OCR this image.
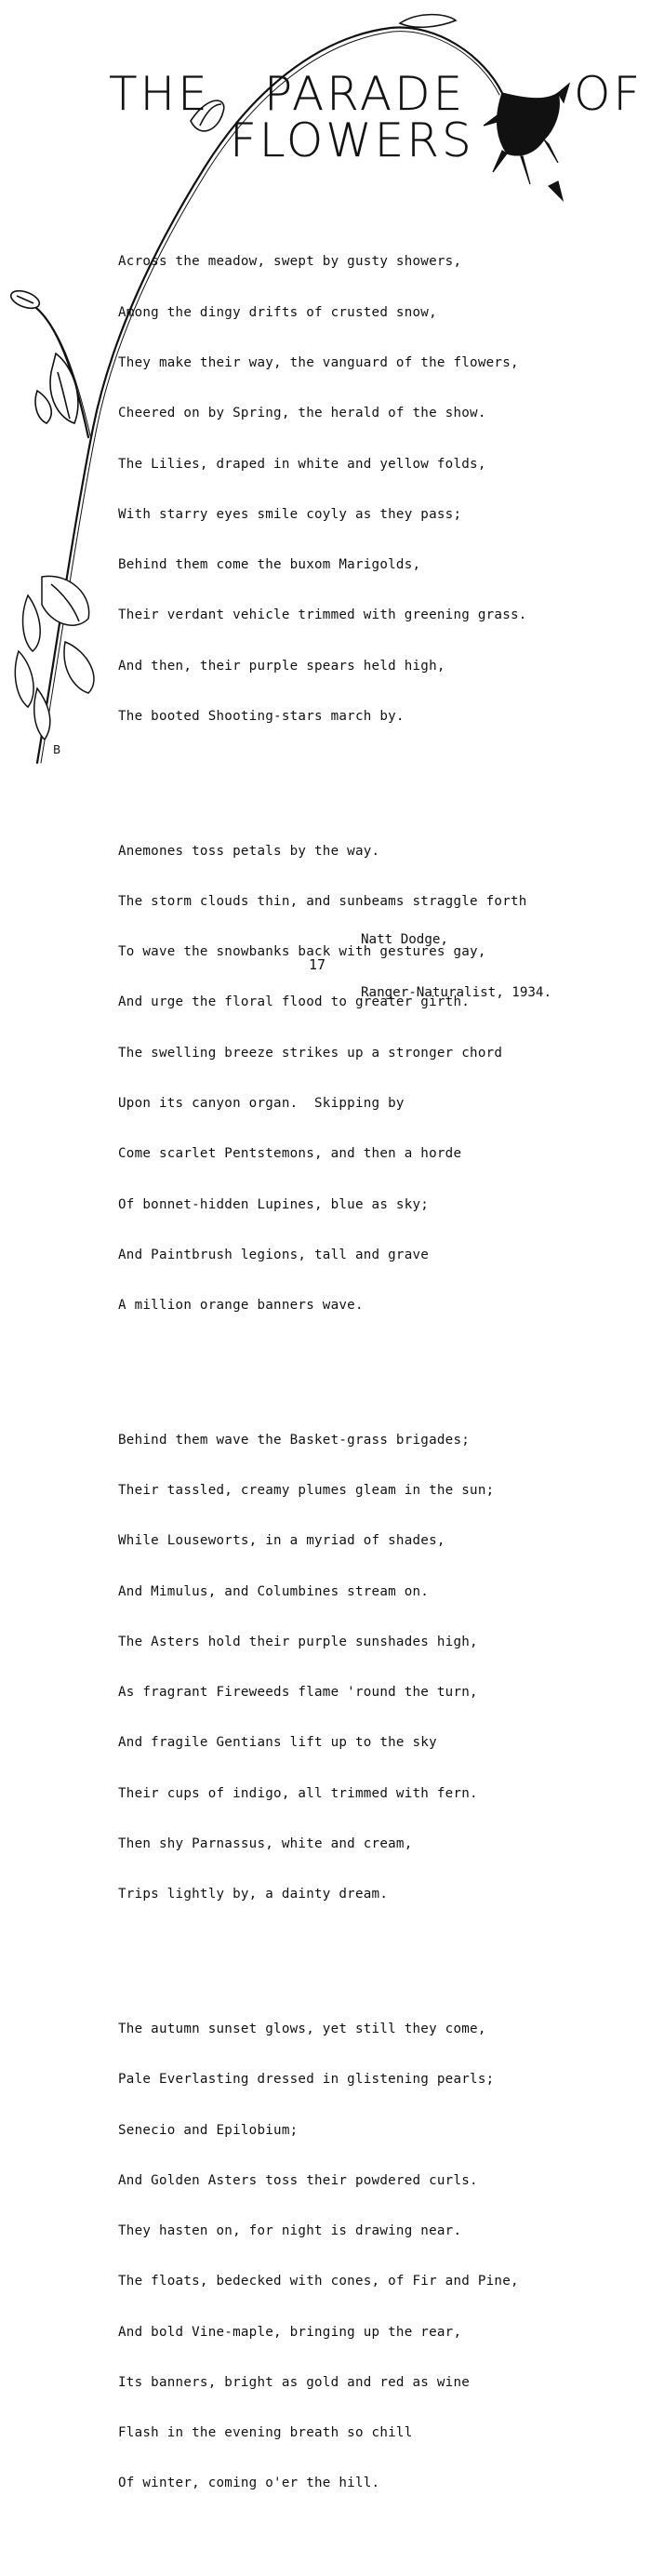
B
THE PARADE OF
FLOWERS

Across the meadow, swept by gusty showers,

Among the dingy drifts of crusted snow,

They make their way, the vanguard of the flowers,

Cheered on by Spring, the herald of the show.

The Lilies, draped in white and yellow folds,

With starry eyes smile coyly as they pass;

Behind them come the buxom Marigolds,

Their verdant vehicle trimmed with greening grass.

And then, their purple spears held high,

The booted Shooting-stars march by.

Anemones toss petals by the way.

The storm clouds thin, and sunbeams straggle forth

To wave the snowbanks back with gestures gay,

And urge the floral flood to greater girth.

The swelling breeze strikes up a stronger chord

Upon its canyon organ.  Skipping by

Come scarlet Pentstemons, and then a horde

Of bonnet-hidden Lupines, blue as sky;

And Paintbrush legions, tall and grave

A million orange banners wave.

Behind them wave the Basket-grass brigades;

Their tassled, creamy plumes gleam in the sun;

While Louseworts, in a myriad of shades,

And Mimulus, and Columbines stream on.

The Asters hold their purple sunshades high,

As fragrant Fireweeds flame 'round the turn,

And fragile Gentians lift up to the sky

Their cups of indigo, all trimmed with fern.

Then shy Parnassus, white and cream,

Trips lightly by, a dainty dream.

The autumn sunset glows, yet still they come,

Pale Everlasting dressed in glistening pearls;

Senecio and Epilobium;

And Golden Asters toss their powdered curls.

They hasten on, for night is drawing near.

The floats, bedecked with cones, of Fir and Pine,

And bold Vine-maple, bringing up the rear,

Its banners, bright as gold and red as wine

Flash in the evening breath so chill

Of winter, coming o'er the hill.

Natt Dodge,

Ranger-Naturalist, 1934.

17
